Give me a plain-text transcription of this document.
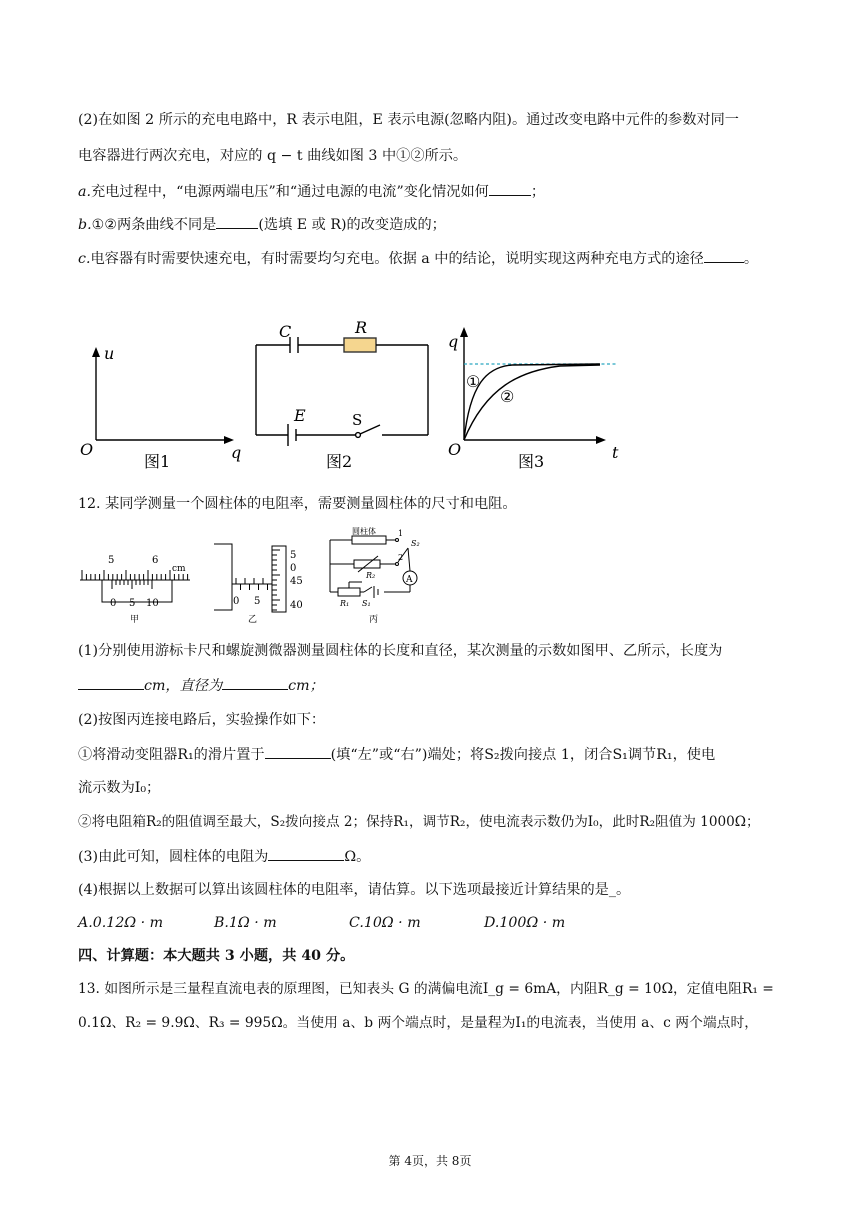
(2)在如图 2 所示的充电电路中，R 表示电阻，E 表示电源(忽略内阻)。通过改变电路中元件的参数对同一
电容器进行两次充电，对应的 q − t 曲线如图 3 中①②所示。
a.充电过程中，“电源两端电压”和“通过电源的电流”变化情况如何	；
b.①②两条曲线不同是	(选填 E 或 R)的改变造成的；
c.电容器有时需要快速充电，有时需要均匀充电。依据 a 中的结论，说明实现这两种充电方式的途径	。
u
O	q
图1
C	R
E	S
图2
q
O	t
①
②
图3
12. 某同学测量一个圆柱体的电阻率，需要测量圆柱体的尺寸和电阻。
5	6
cm
0 5 10
甲
5
0
45
40
0 5
乙
圆柱体	1
2
S₂
R₂	A
R₁ S₁
丙
(1)分别使用游标卡尺和螺旋测微器测量圆柱体的长度和直径，某次测量的示数如图甲、乙所示，长度为
cm，直径为	cm；
(2)按图丙连接电路后，实验操作如下：
①将滑动变阻器R₁的滑片置于	(填“左”或“右”)端处；将S₂拨向接点 1，闭合S₁调节R₁，使电
流示数为I₀；
②将电阻箱R₂的阻值调至最大，S₂拨向接点 2；保持R₁，调节R₂，使电流表示数仍为I₀，此时R₂阻值为 1000Ω；
(3)由此可知，圆柱体的电阻为	Ω。
(4)根据以上数据可以算出该圆柱体的电阻率，请估算。以下选项最接近计算结果的是_。
A.0.12Ω · m	B.1Ω · m	C.10Ω · m	D.100Ω · m
四、计算题：本大题共 3 小题，共 40 分。
13. 如图所示是三量程直流电表的原理图，已知表头 G 的满偏电流I_g = 6mA，内阻R_g = 10Ω，定值电阻R₁ =
0.1Ω、R₂ = 9.9Ω、R₃ = 995Ω。当使用 a、b 两个端点时，是量程为I₁的电流表，当使用 a、c 两个端点时，
第 4页，共 8页
